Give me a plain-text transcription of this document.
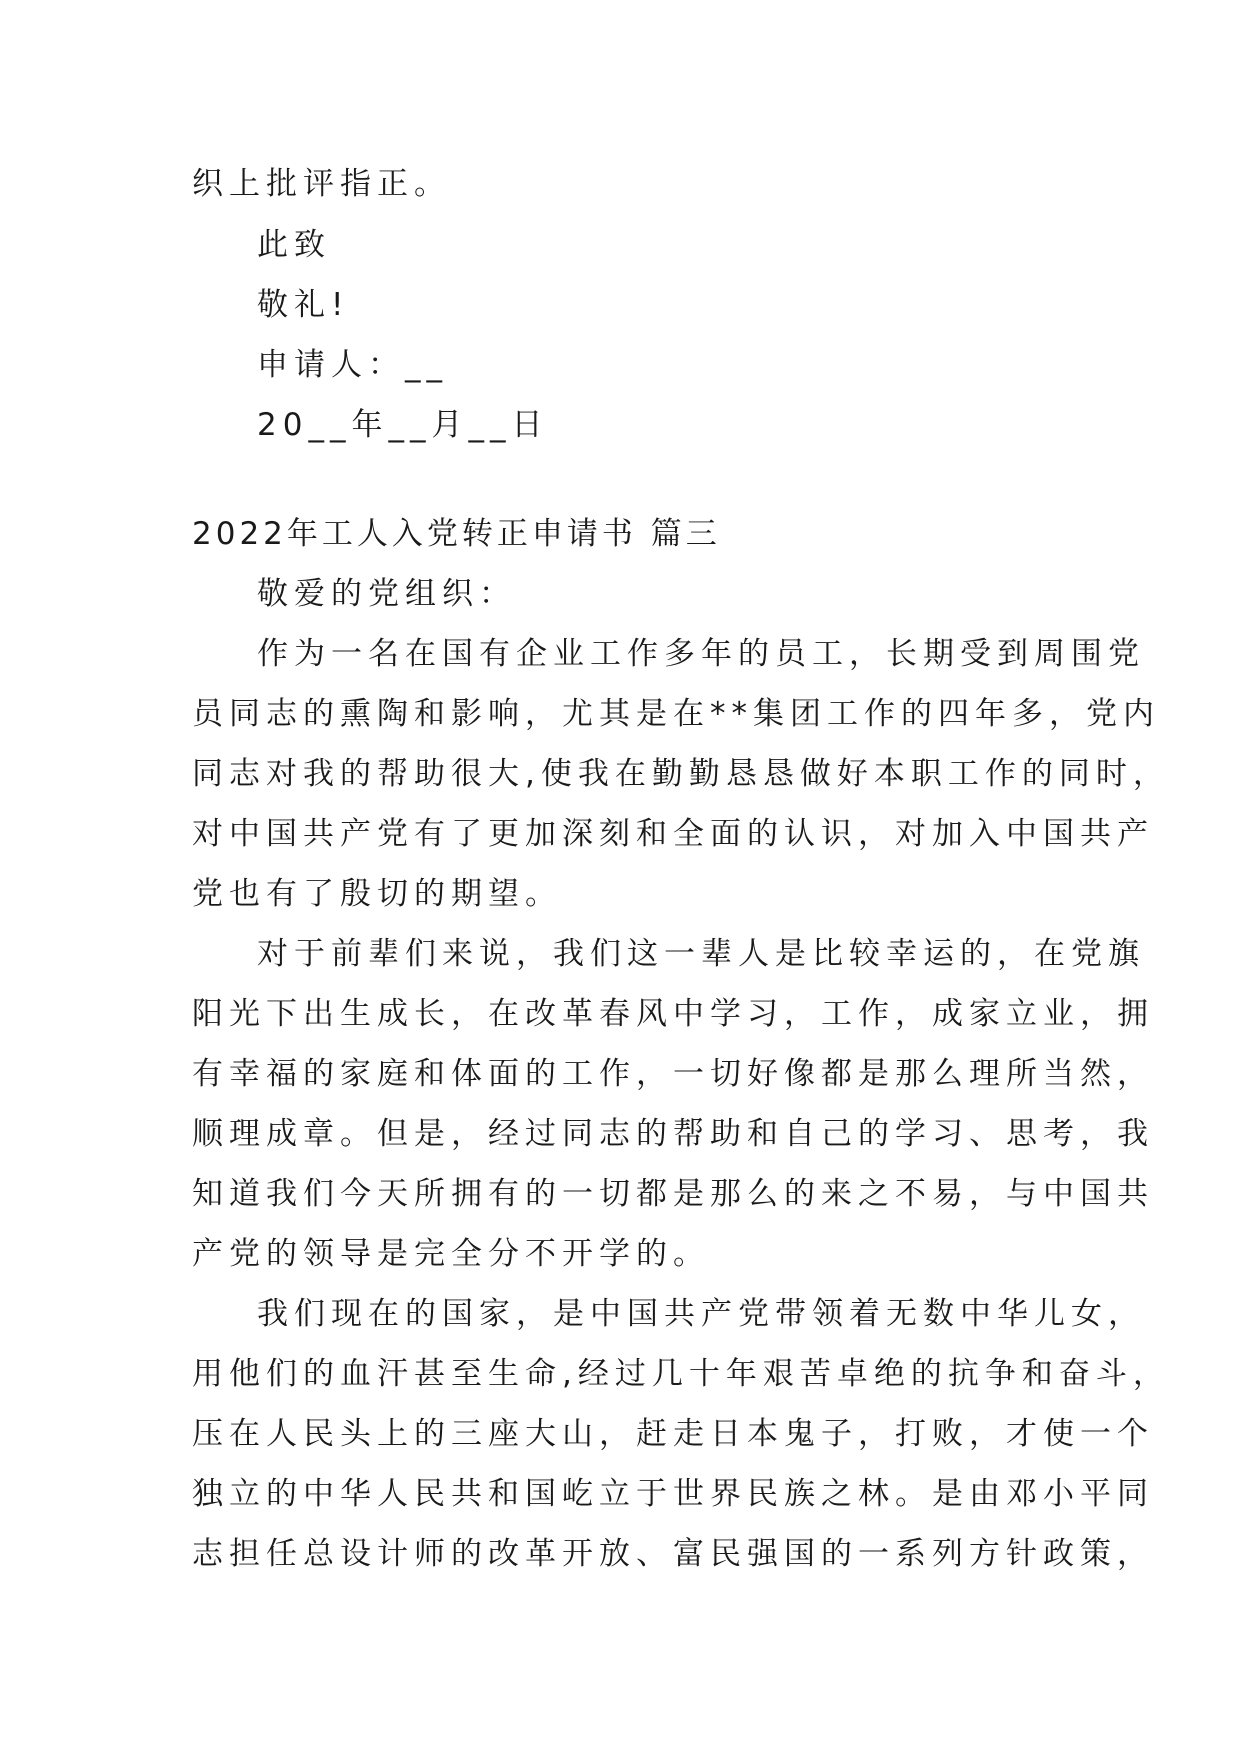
织上批评指正。
此致
敬礼!
申请人：__
20__年__月__日
2022年工人入党转正申请书 篇三
敬爱的党组织：
作为一名在国有企业工作多年的员工，长期受到周围党
员同志的熏陶和影响，尤其是在**集团工作的四年多，党内
同志对我的帮助很大,使我在勤勤恳恳做好本职工作的同时，
对中国共产党有了更加深刻和全面的认识，对加入中国共产
党也有了殷切的期望。
对于前辈们来说，我们这一辈人是比较幸运的，在党旗
阳光下出生成长，在改革春风中学习，工作，成家立业，拥
有幸福的家庭和体面的工作，一切好像都是那么理所当然，
顺理成章。但是，经过同志的帮助和自己的学习、思考，我
知道我们今天所拥有的一切都是那么的来之不易，与中国共
产党的领导是完全分不开学的。
我们现在的国家，是中国共产党带领着无数中华儿女，
用他们的血汗甚至生命,经过几十年艰苦卓绝的抗争和奋斗，
压在人民头上的三座大山，赶走日本鬼子，打败，才使一个
独立的中华人民共和国屹立于世界民族之林。是由邓小平同
志担任总设计师的改革开放、富民强国的一系列方针政策，
